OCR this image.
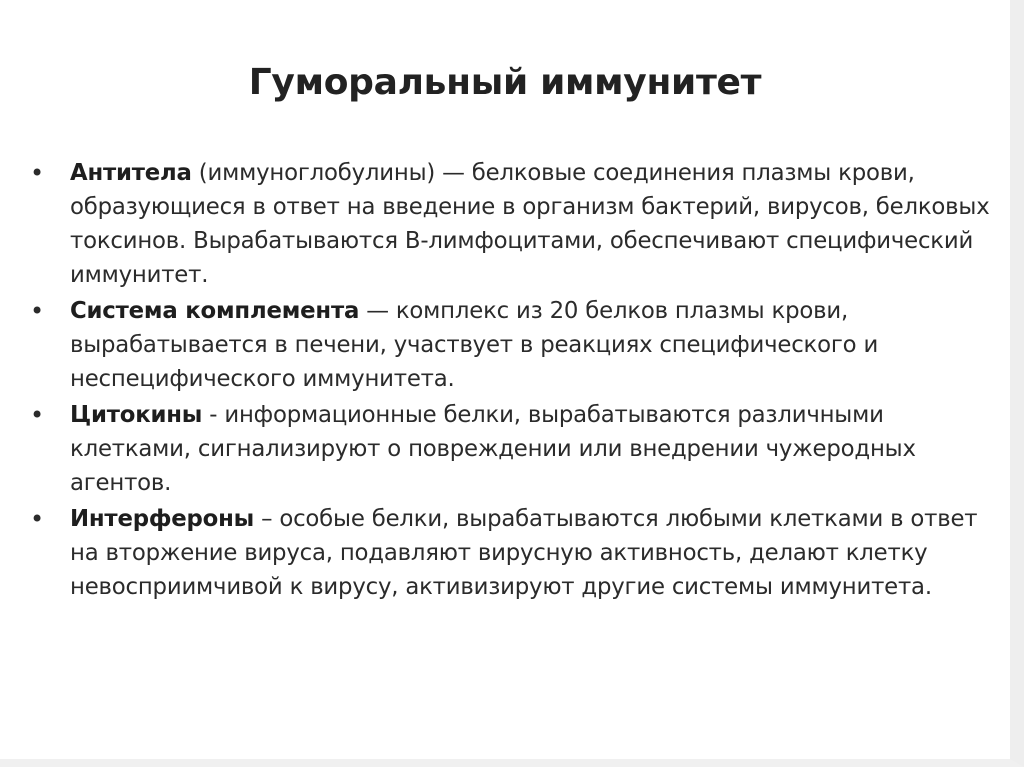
Гуморальный иммунитет
• Антитела (иммуноглобулины) — белковые соединения плазмы крови, образующиеся в ответ на введение в организм бактерий, вирусов, белковых токсинов. Вырабатываются В-лимфоцитами, обеспечивают специфический иммунитет.
• Система комплемента — комплекс из 20 белков плазмы крови, вырабатывается в печени, участвует в реакциях специфического и неспецифического иммунитета.
• Цитокины - информационные белки, вырабатываются различными клетками, сигнализируют о повреждении или внедрении чужеродных агентов.
• Интерфероны – особые белки, вырабатываются любыми клетками в ответ на вторжение вируса, подавляют вирусную активность, делают клетку невосприимчивой к вирусу, активизируют другие системы иммунитета.
